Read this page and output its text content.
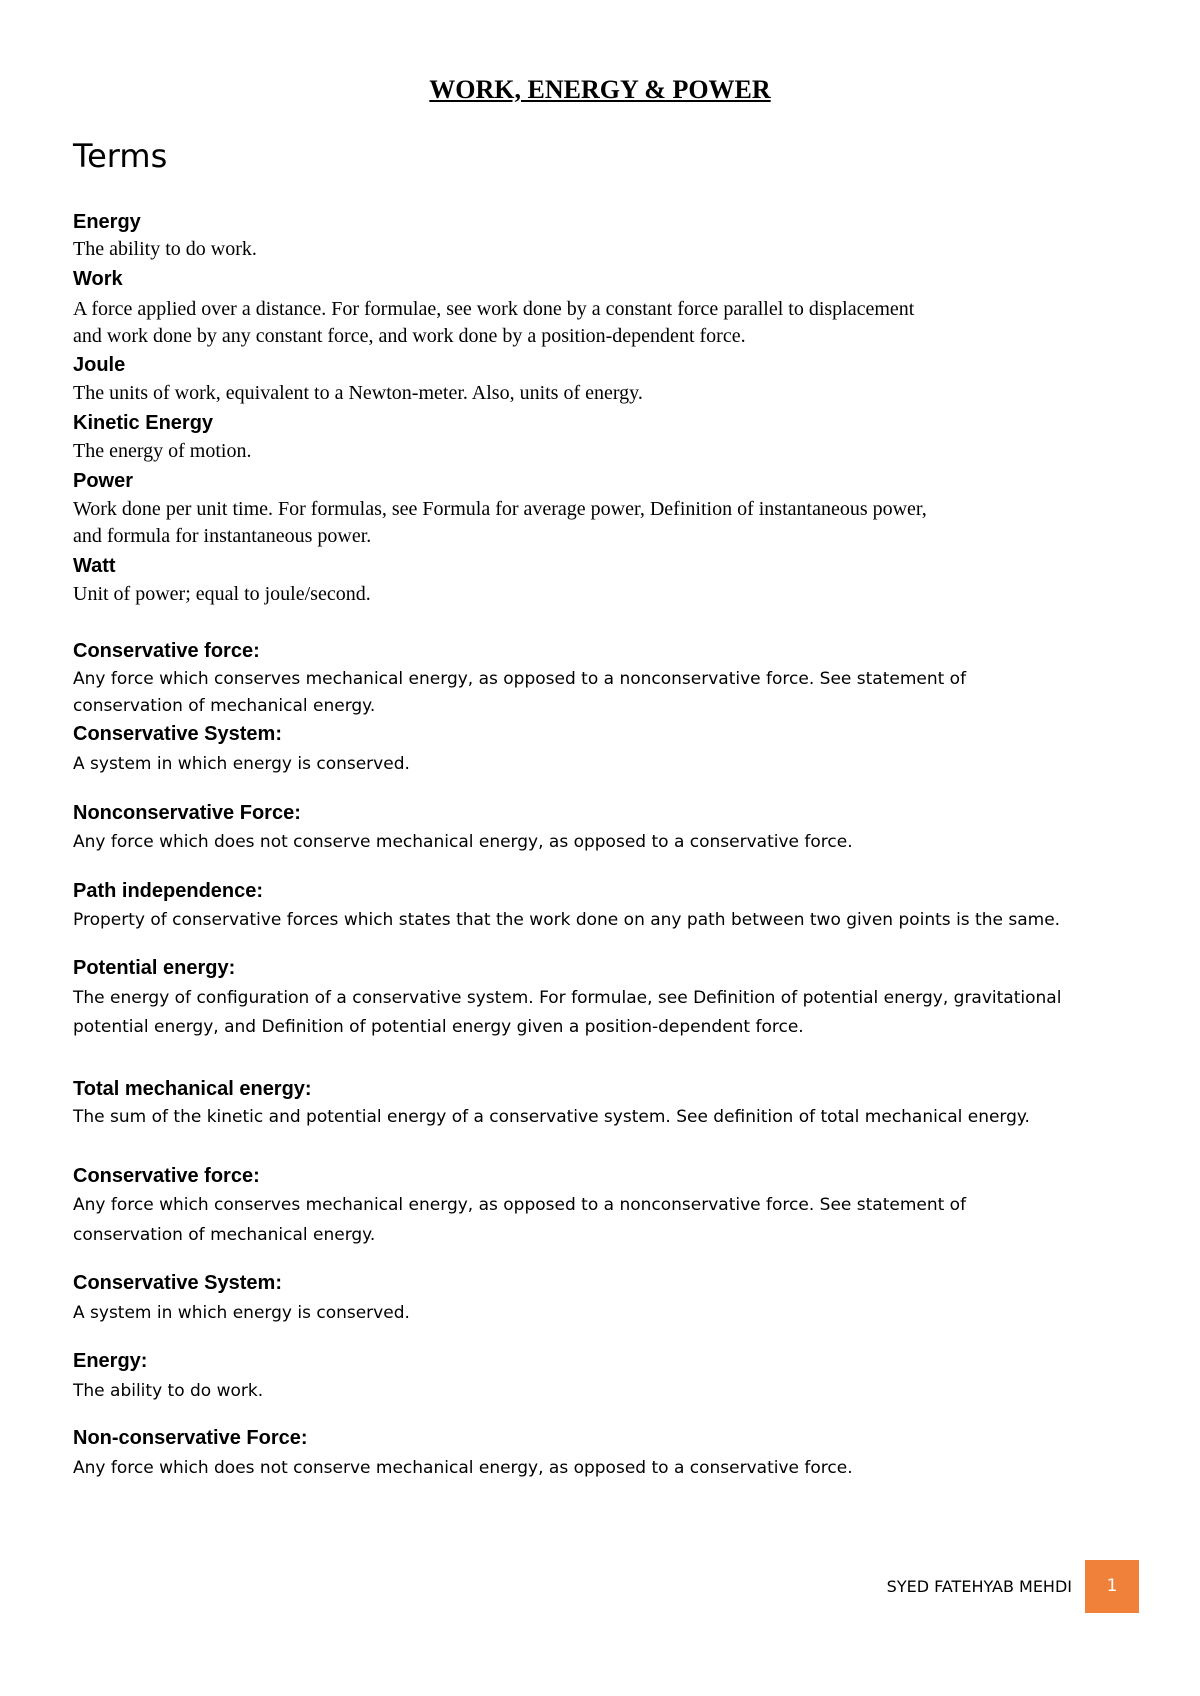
WORK, ENERGY & POWER
Terms
Energy
The ability to do work.
Work
A force applied over a distance. For formulae, see work done by a constant force parallel to displacement
and work done by any constant force, and work done by a position-dependent force.
Joule
The units of work, equivalent to a Newton-meter. Also, units of energy.
Kinetic Energy
The energy of motion.
Power
Work done per unit time. For formulas, see Formula for average power, Definition of instantaneous power,
and formula for instantaneous power.
Watt
Unit of power; equal to joule/second.
Conservative force:
Any force which conserves mechanical energy, as opposed to a nonconservative force. See statement of
conservation of mechanical energy.
Conservative System:
A system in which energy is conserved.
Nonconservative Force:
Any force which does not conserve mechanical energy, as opposed to a conservative force.
Path independence:
Property of conservative forces which states that the work done on any path between two given points is the same.
Potential energy:
The energy of configuration of a conservative system. For formulae, see Definition of potential energy, gravitational
potential energy, and Definition of potential energy given a position-dependent force.
Total mechanical energy:
The sum of the kinetic and potential energy of a conservative system. See definition of total mechanical energy.
Conservative force:
Any force which conserves mechanical energy, as opposed to a nonconservative force. See statement of
conservation of mechanical energy.
Conservative System:
A system in which energy is conserved.
Energy:
The ability to do work.
Non-conservative Force:
Any force which does not conserve mechanical energy, as opposed to a conservative force.
SYED FATEHYAB MEHDI	1
